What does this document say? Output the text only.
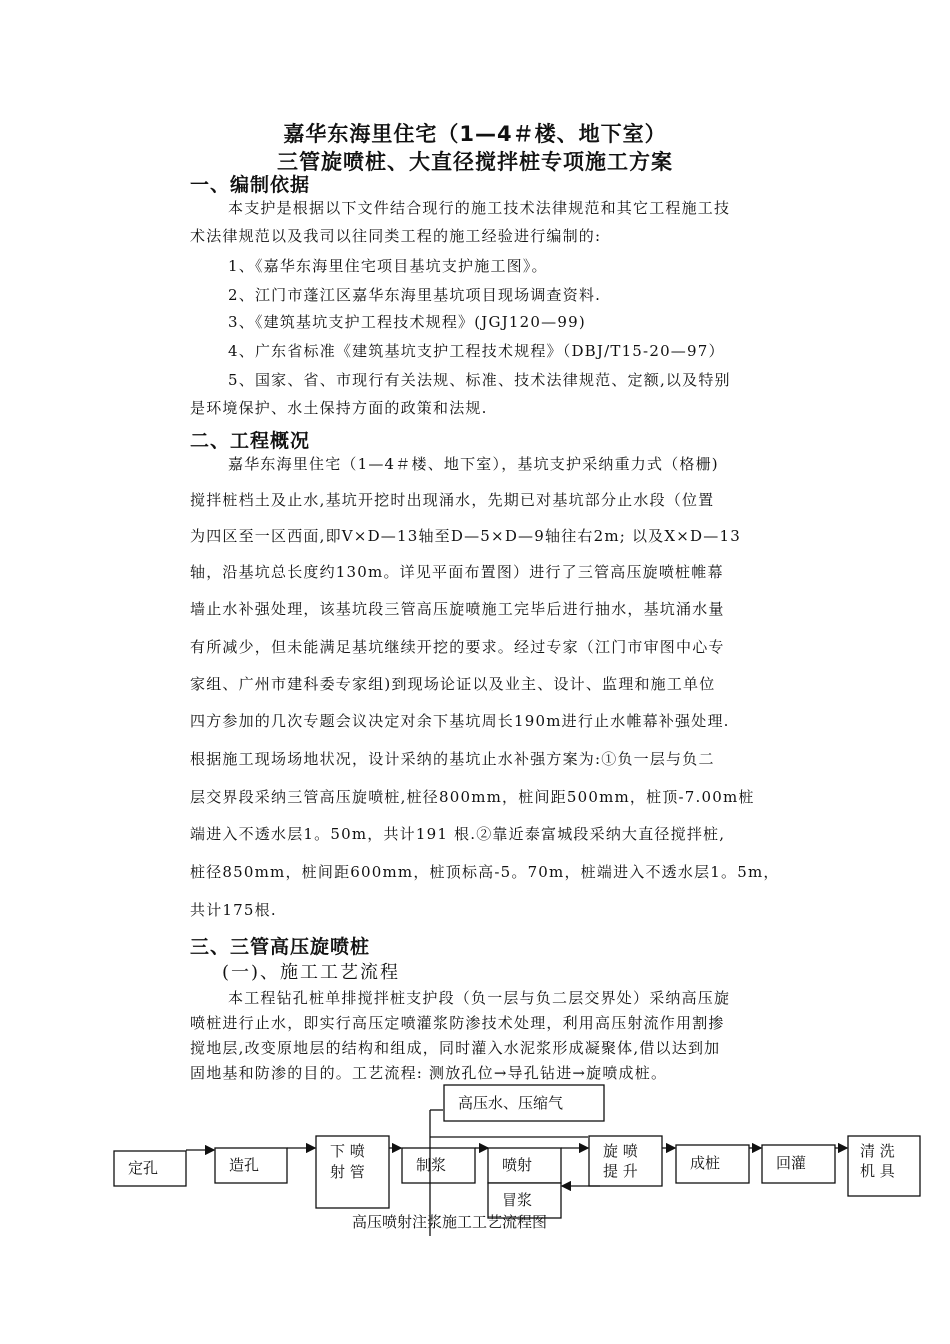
嘉华东海里住宅（1—4＃楼、地下室）
三管旋喷桩、大直径搅拌桩专项施工方案
一、编制依据
本支护是根据以下文件结合现行的施工技术法律规范和其它工程施工技
术法律规范以及我司以往同类工程的施工经验进行编制的:
1、《嘉华东海里住宅项目基坑支护施工图》。
2、江门市蓬江区嘉华东海里基坑项目现场调查资料.
3、《建筑基坑支护工程技术规程》(JGJ120—99)
4、广东省标准《建筑基坑支护工程技术规程》（DBJ/T15-20—97）
5、国家、省、市现行有关法规、标准、技术法律规范、定额,以及特别
是环境保护、水土保持方面的政策和法规.
二、工程概况
嘉华东海里住宅（1—4＃楼、地下室），基坑支护采纳重力式（格栅)
搅拌桩档土及止水,基坑开挖时出现涌水，先期已对基坑部分止水段（位置
为四区至一区西面,即V×D—13轴至D—5×D—9轴往右2m; 以及X×D—13
轴，沿基坑总长度约130m。详见平面布置图）进行了三管高压旋喷桩帷幕
墙止水补强处理，该基坑段三管高压旋喷施工完毕后进行抽水，基坑涌水量
有所减少，但未能满足基坑继续开挖的要求。经过专家（江门市审图中心专
家组、广州市建科委专家组)到现场论证以及业主、设计、监理和施工单位
四方参加的几次专题会议决定对余下基坑周长190m进行止水帷幕补强处理.
根据施工现场场地状况，设计采纳的基坑止水补强方案为:①负一层与负二
层交界段采纳三管高压旋喷桩,桩径800mm，桩间距500mm，桩顶-7.00m桩
端进入不透水层1。50m，共计191 根.②靠近泰富城段采纳大直径搅拌桩,
桩径850mm，桩间距600mm，桩顶标高-5。70m，桩端进入不透水层1。5m，
共计175根.
三、三管高压旋喷桩
(一)、施工工艺流程
本工程钻孔桩单排搅拌桩支护段（负一层与负二层交界处）采纳高压旋
喷桩进行止水，即实行高压定喷灌浆防渗技术处理，利用高压射流作用割掺
搅地层,改变原地层的结构和组成，同时灌入水泥浆形成凝聚体,借以达到加
固地基和防渗的目的。工艺流程: 测放孔位→导孔钻进→旋喷成桩。
高压水、压缩气
定孔	造孔
下 喷
射 管	制浆	喷射
旋 喷
提 升	成桩	回灌
清 洗
机 具
冒浆
高压喷射注浆施工工艺流程图
